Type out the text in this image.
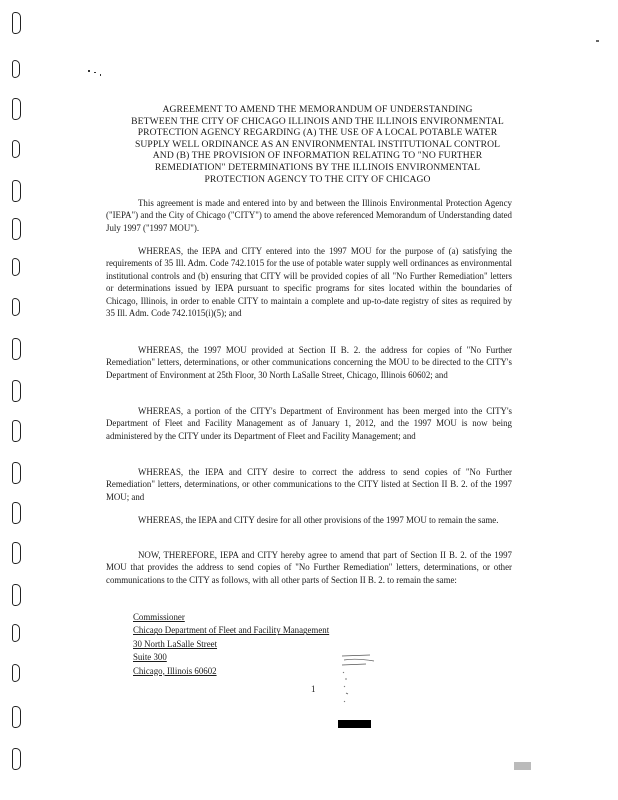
AGREEMENT TO AMEND THE MEMORANDUM OF UNDERSTANDING
BETWEEN THE CITY OF CHICAGO ILLINOIS AND THE ILLINOIS ENVIRONMENTAL
PROTECTION AGENCY REGARDING (A) THE USE OF A LOCAL POTABLE WATER
SUPPLY WELL ORDINANCE AS AN ENVIRONMENTAL INSTITUTIONAL CONTROL
AND (B) THE PROVISION OF INFORMATION RELATING TO "NO FURTHER
REMEDIATION" DETERMINATIONS BY THE ILLINOIS ENVIRONMENTAL
PROTECTION AGENCY TO THE CITY OF CHICAGO
This agreement is made and entered into by and between the Illinois Environmental Protection Agency ("IEPA") and the City of Chicago ("CITY") to amend the above referenced Memorandum of Understanding dated July 1997 ("1997 MOU").
WHEREAS, the IEPA and CITY entered into the 1997 MOU for the purpose of (a) satisfying the requirements of 35 Ill. Adm. Code 742.1015 for the use of potable water supply well ordinances as environmental institutional controls and (b) ensuring that CITY will be provided copies of all "No Further Remediation" letters or determinations issued by IEPA pursuant to specific programs for sites located within the boundaries of Chicago, Illinois, in order to enable CITY to maintain a complete and up-to-date registry of sites as required by 35 Ill. Adm. Code 742.1015(i)(5); and
WHEREAS, the 1997 MOU provided at Section II B. 2. the address for copies of "No Further Remediation" letters, determinations, or other communications concerning the MOU to be directed to the CITY's Department of Environment at 25th Floor, 30 North LaSalle Street, Chicago, Illinois 60602; and
WHEREAS, a portion of the CITY's Department of Environment has been merged into the CITY's Department of Fleet and Facility Management as of January 1, 2012, and the 1997 MOU is now being administered by the CITY under its Department of Fleet and Facility Management; and
WHEREAS, the IEPA and CITY desire to correct the address to send copies of "No Further Remediation" letters, determinations, or other communications to the CITY listed at Section II B. 2. of the 1997 MOU; and
WHEREAS, the IEPA and CITY desire for all other provisions of the 1997 MOU to remain the same.
NOW, THEREFORE, IEPA and CITY hereby agree to amend that part of Section II B. 2. of the 1997 MOU that provides the address to send copies of "No Further Remediation" letters, determinations, or other communications to the CITY as follows, with all other parts of Section II B. 2. to remain the same:
Commissioner
Chicago Department of Fleet and Facility Management
30 North LaSalle Street
Suite 300
Chicago, Illinois 60602
1
